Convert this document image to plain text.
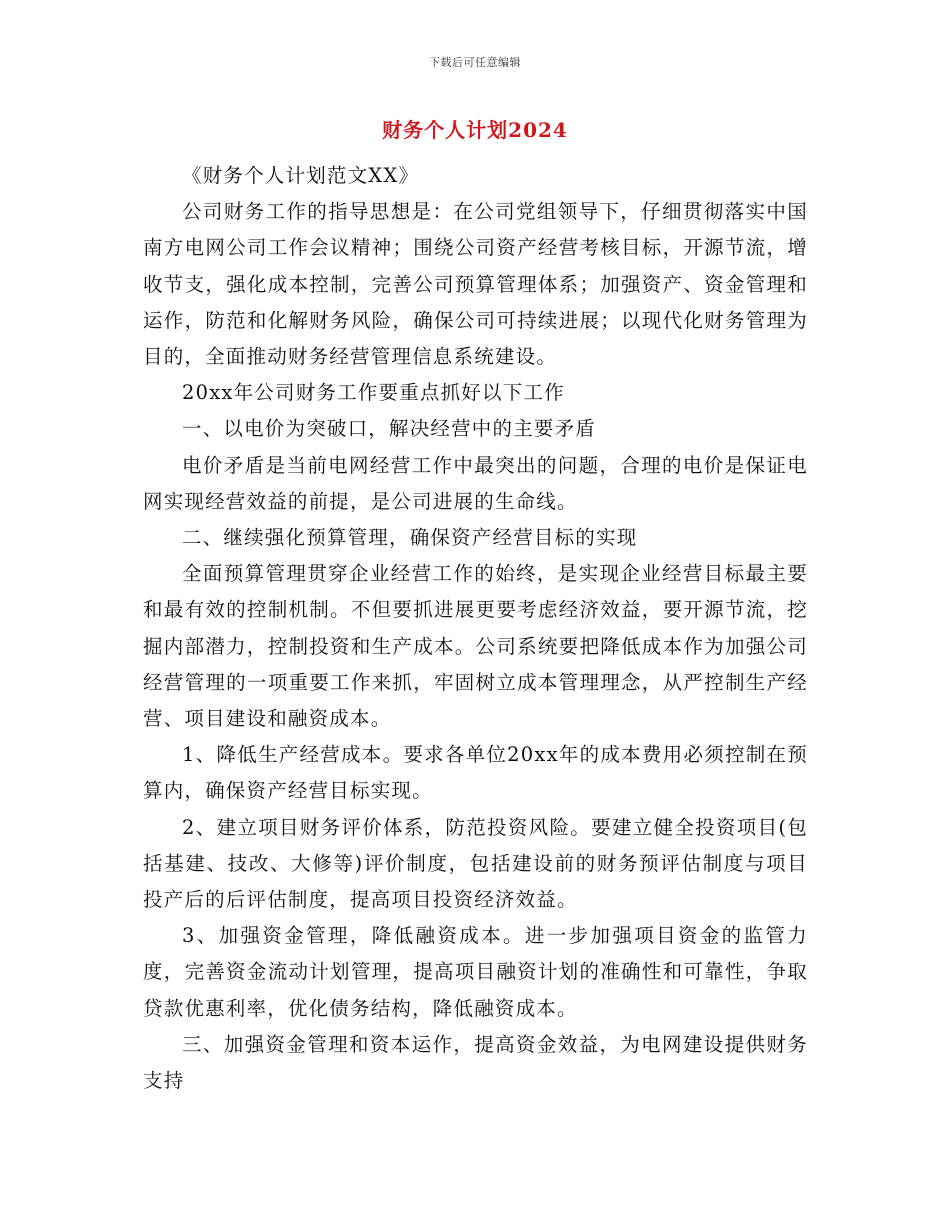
下载后可任意编辑
财务个人计划2024

《财务个人计划范文XX》

公司财务工作的指导思想是：在公司党组领导下，仔细贯彻落实中国南方电网公司工作会议精神；围绕公司资产经营考核目标，开源节流，增收节支，强化成本控制，完善公司预算管理体系；加强资产、资金管理和运作，防范和化解财务风险，确保公司可持续进展；以现代化财务管理为目的，全面推动财务经营管理信息系统建设。

20xx年公司财务工作要重点抓好以下工作

一、以电价为突破口，解决经营中的主要矛盾

电价矛盾是当前电网经营工作中最突出的问题，合理的电价是保证电网实现经营效益的前提，是公司进展的生命线。

二、继续强化预算管理，确保资产经营目标的实现

全面预算管理贯穿企业经营工作的始终，是实现企业经营目标最主要和最有效的控制机制。不但要抓进展更要考虑经济效益，要开源节流，挖掘内部潜力，控制投资和生产成本。公司系统要把降低成本作为加强公司经营管理的一项重要工作来抓，牢固树立成本管理理念，从严控制生产经营、项目建设和融资成本。

1、降低生产经营成本。要求各单位20xx年的成本费用必须控制在预算内，确保资产经营目标实现。

2、建立项目财务评价体系，防范投资风险。要建立健全投资项目(包括基建、技改、大修等)评价制度，包括建设前的财务预评估制度与项目投产后的后评估制度，提高项目投资经济效益。

3、加强资金管理，降低融资成本。进一步加强项目资金的监管力度，完善资金流动计划管理，提高项目融资计划的准确性和可靠性，争取贷款优惠利率，优化债务结构，降低融资成本。

三、加强资金管理和资本运作，提高资金效益，为电网建设提供财务支持
